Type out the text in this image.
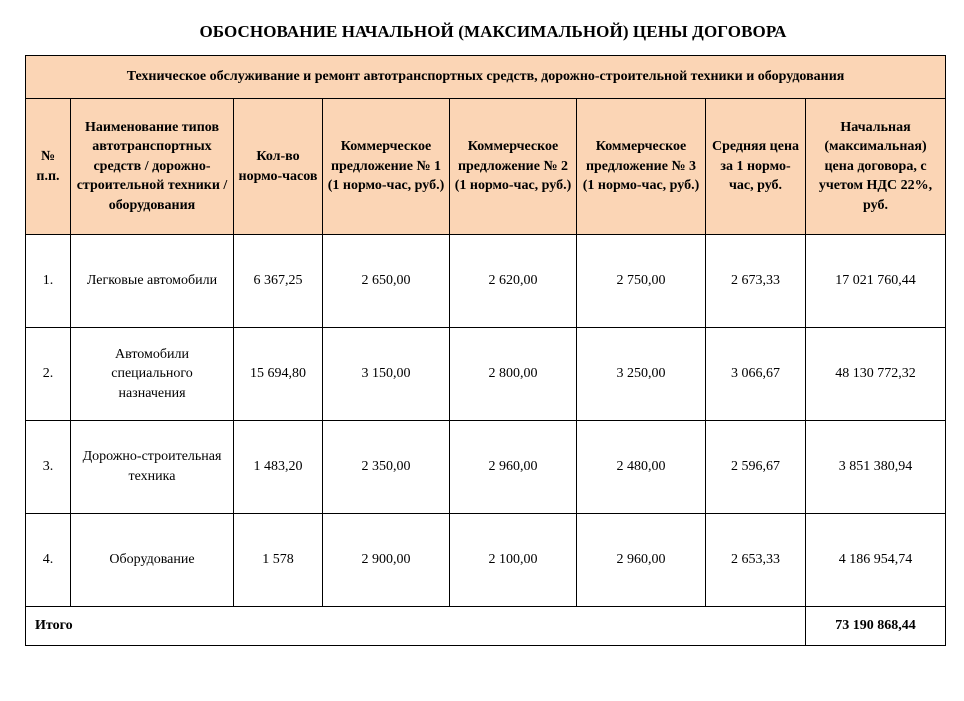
ОБОСНОВАНИЕ НАЧАЛЬНОЙ (МАКСИМАЛЬНОЙ) ЦЕНЫ ДОГОВОРА
Техническое обслуживание и ремонт автотранспортных средств, дорожно-строительной техники и оборудования							

№ п.п.	Наименование типов автотранспортных средств / дорожно-строительной техники / оборудования	Кол-во нормо-часов	Коммерческое предложение № 1 (1 нормо-час, руб.)	Коммерческое предложение № 2 (1 нормо-час, руб.)	Коммерческое предложение № 3 (1 нормо-час, руб.)	Средняя цена за 1 нормо-час, руб.	Начальная (максимальная) цена договора, с учетом НДС 22%, руб.

1.	Легковые автомобили	6 367,25	2 650,00	2 620,00	2 750,00	2 673,33	17 021 760,44
2.	Автомобили специального назначения	15 694,80	3 150,00	2 800,00	3 250,00	3 066,67	48 130 772,32
3.	Дорожно-строительная техника	1 483,20	2 350,00	2 960,00	2 480,00	2 596,67	3 851 380,94
4.	Оборудование	1 578	2 900,00	2 100,00	2 960,00	2 653,33	4 186 954,74
Итого							73 190 868,44
